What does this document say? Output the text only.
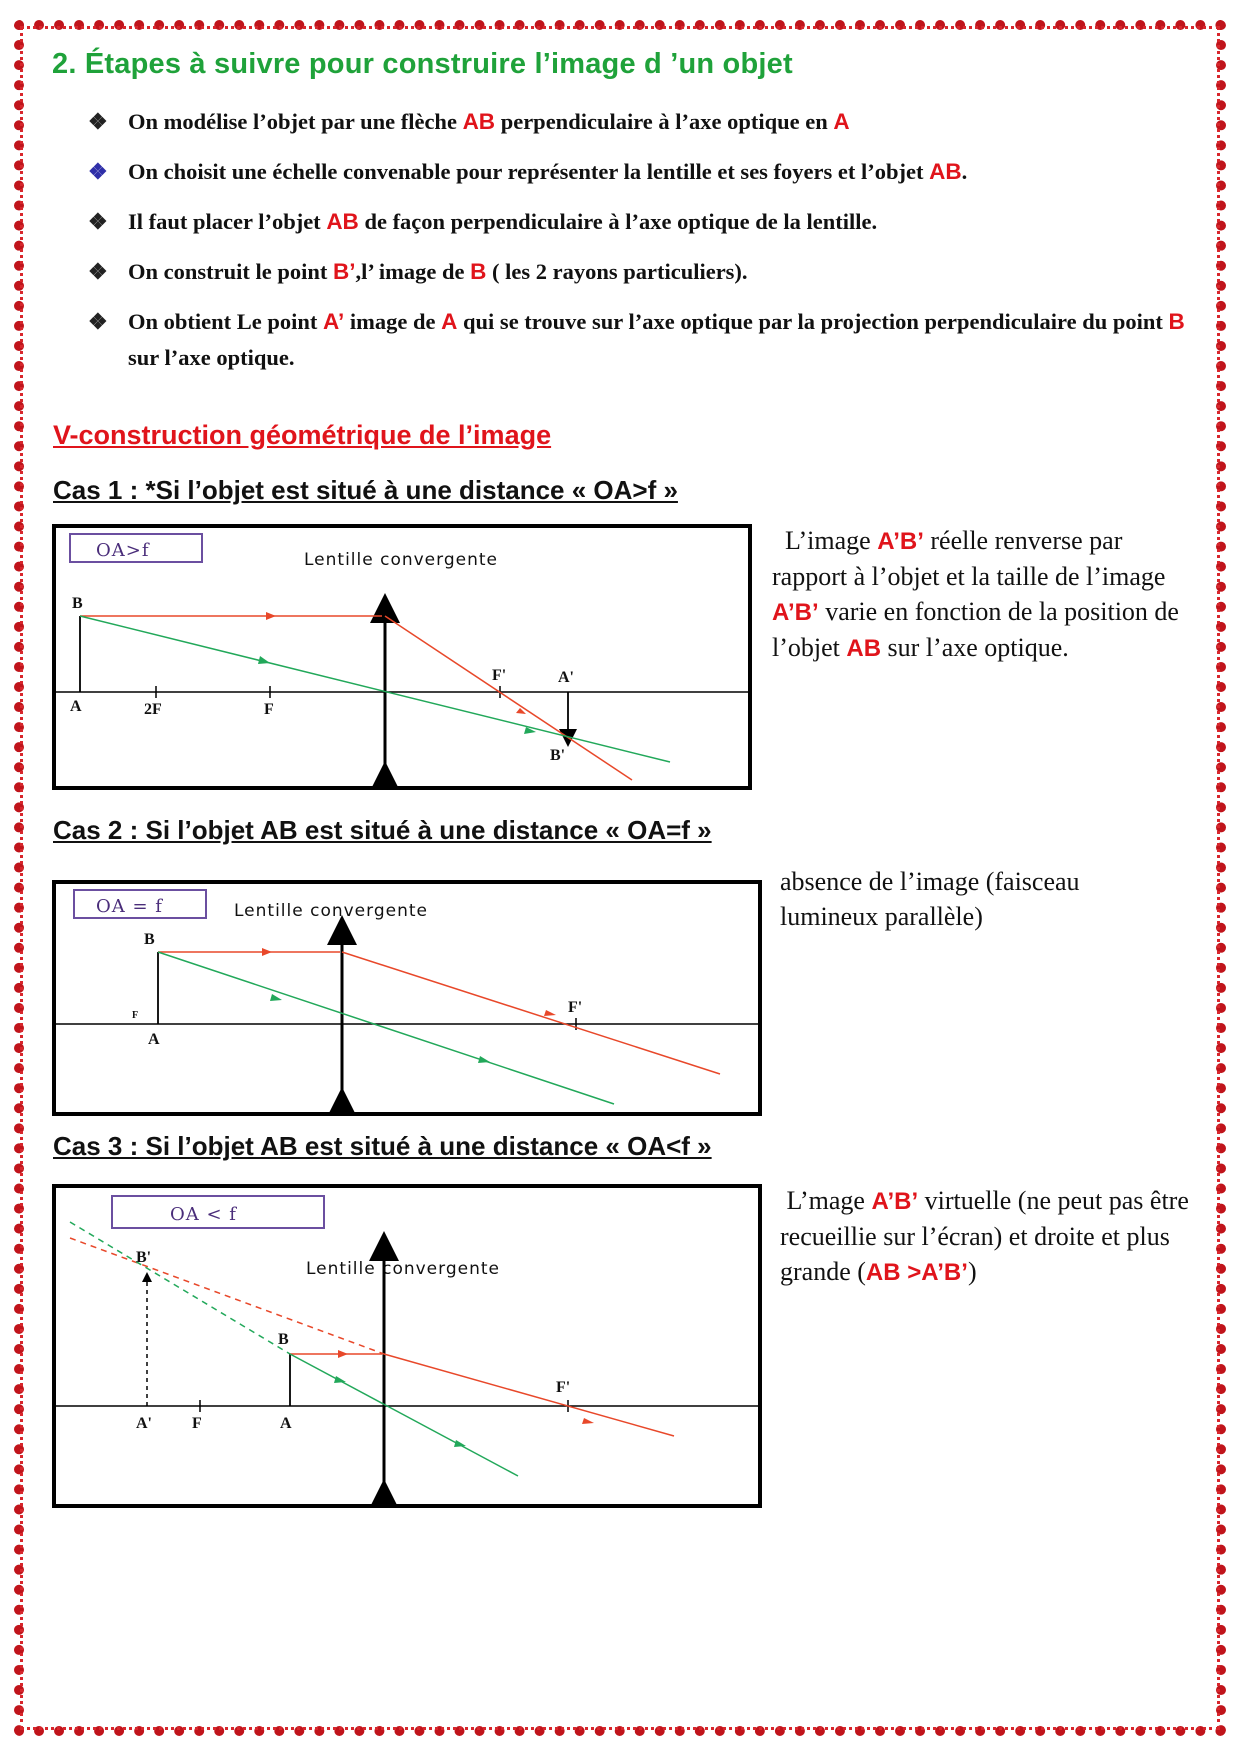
2. Étapes à suivre pour construire l’image d ’un objet
❖ On modélise l’objet par une flèche AB perpendiculaire à l’axe optique en A
❖ On choisit une échelle convenable pour représenter la lentille et ses foyers et l’objet AB.
❖ Il faut placer l’objet AB de façon perpendiculaire à l’axe optique de la lentille.
❖ On construit le point B’,l’ image de B ( les 2 rayons particuliers).
❖ On obtient Le point A’ image de A qui se trouve sur l’axe optique par la projection perpendiculaire du point B sur l’axe optique.
V-construction géométrique de l’image
Cas 1 : *Si l’objet est situé à une distance « OA>f »
OA>f	Lentille convergente
B
A	2F	F
F'	A'
B'
L’image A’B’ réelle renverse par rapport à l’objet et la taille de l’image A’B’ varie en fonction de la position de l’objet AB sur l’axe optique.
Cas 2 : Si l’objet AB est situé à une distance « OA=f »
OA = f	Lentille convergente
B
F
A
F'
absence de l’image (faisceau lumineux parallèle)
Cas 3 : Si l’objet AB est situé à une distance « OA<f »
OA < f
Lentille convergente
B'
B
F'
A'	F	A
L’mage A’B’ virtuelle (ne peut pas être recueillie sur l’écran) et droite et plus grande (AB >A’B’)
